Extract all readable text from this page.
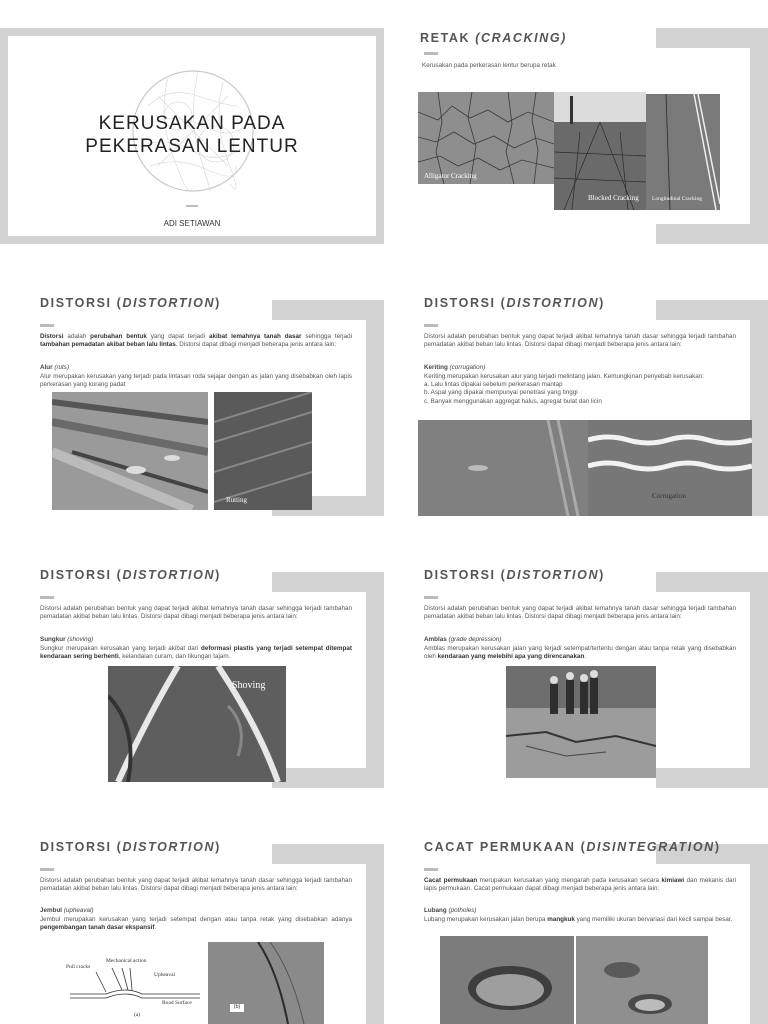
KERUSAKAN PADA
PEKERASAN LENTUR
ADI SETIAWAN
RETAK (CRACKING)
Kerusakan pada perkerasan lentur berupa retak
Alligator Cracking
Blocked Cracking Longitudinal Cracking
DISTORSI (DISTORTION)
Distorsi adalah perubahan bentuk yang dapat terjadi akibat lemahnya tanah dasar sehingga terjadi tambahan pemadatan akibat beban lalu lintas. Distorsi dapat dibagi menjadi beberapa jenis antara lain:
Alur (ruts)
Alur merupakan kerusakan yang terjadi pada lintasan roda sejajar dengan as jalan yang disebabkan oleh lapis perkerasan yang kurang padat
Rutting
DISTORSI (DISTORTION)
Distorsi adalah perubahan bentuk yang dapat terjadi akibat lemahnya tanah dasar sehingga terjadi tambahan pemadatan akibat beban lalu lintas. Distorsi dapat dibagi menjadi beberapa jenis antara lain:
Keriting (corrugation)
Keriting merupakan kerusakan alur yang terjadi melintang jalan. Kemungkinan penyebab kerusakan:
a. Lalu lintas dipakai sebelum perkerasan mantap
b. Aspal yang dipakai mempunyai penetrasi yang tinggi
c. Banyak menggunakan aggregat halus, agregat bulat dan licin
Corrugation
DISTORSI (DISTORTION)
Distorsi adalah perubahan bentuk yang dapat terjadi akibat lemahnya tanah dasar sehingga terjadi tambahan pemadatan akibat beban lalu lintas. Distorsi dapat dibagi menjadi beberapa jenis antara lain:
Sungkur (shoving)
Sungkur merupakan kerusakan yang terjadi akibat dari deformasi plastis yang terjadi setempat ditempat kendaraan sering berhenti, kelandaian curam, dan tikungan tajam.
Shoving
DISTORSI (DISTORTION)
Distorsi adalah perubahan bentuk yang dapat terjadi akibat lemahnya tanah dasar sehingga terjadi tambahan pemadatan akibat beban lalu lintas. Distorsi dapat dibagi menjadi beberapa jenis antara lain:
Amblas (grade depression)
Amblas merupakan kerusakan jalan yang terjadi setempat/tertentu dengan atau tanpa retak yang disebabkan oleh kendaraan yang melebihi apa yang direncanakan.
DISTORSI (DISTORTION)
Distorsi adalah perubahan bentuk yang dapat terjadi akibat lemahnya tanah dasar sehingga terjadi tambahan pemadatan akibat beban lalu lintas. Distorsi dapat dibagi menjadi beberapa jenis antara lain:
Jembul (upheaval)
Jembul merupakan kerusakan yang terjadi setempat dengan atau tanpa retak yang disebabkan adanya pengembangan tanah dasar ekspansif.
Pull cracks
Mechanical action
Upheaval
Road Surface
(a)
(b)
CACAT PERMUKAAN (DISINTEGRATION)
Cacat permukaan merupakan kerusakan yang mengarah pada kerusakan secara kimiawi dan mekanis dari lapis permukaan. Cacat permukaan dapat dibagi menjadi beberapa jenis antara lain:
Lubang (potholes)
Lubang merupakan kerusakan jalan berupa mangkuk yang memiliki ukuran bervariasi dari kecil sampai besar.
